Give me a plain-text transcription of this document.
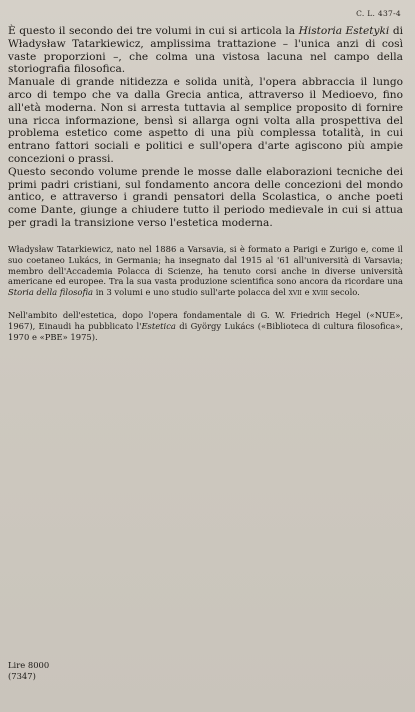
C. L. 437-4

È questo il secondo dei tre volumi in cui si articola la Historia Estetyki di Władysław Tatarkiewicz, amplissima trattazione – l'unica anzi di così vaste proporzioni –, che colma una vistosa lacuna nel campo della storiografia filosofica.

Manuale di grande nitidezza e solida unità, l'opera abbraccia il lungo arco di tempo che va dalla Grecia antica, attraverso il Medioevo, fino all'età moderna. Non si arresta tuttavia al semplice proposito di fornire una ricca informazione, bensì si allarga ogni volta alla prospettiva del problema estetico come aspetto di una più complessa totalità, in cui entrano fattori sociali e politici e sull'opera d'arte agiscono più ampie concezioni o prassi.

Questo secondo volume prende le mosse dalle elaborazioni tecniche dei primi padri cristiani, sul fondamento ancora delle concezioni del mondo antico, e attraverso i grandi pensatori della Scolastica, o anche poeti come Dante, giunge a chiudere tutto il periodo medievale in cui si attua per gradi la transizione verso l'estetica moderna.

Władysław Tatarkiewicz, nato nel 1886 a Varsavia, si è formato a Parigi e Zurigo e, come il suo coetaneo Lukács, in Germania; ha insegnato dal 1915 al '61 all'università di Varsavia; membro dell'Accademia Polacca di Scienze, ha tenuto corsi anche in diverse università americane ed europee. Tra la sua vasta produzione scientifica sono ancora da ricordare una Storia della filosofia in 3 volumi e uno studio sull'arte polacca del xvii e xviii secolo.

Nell'ambito dell'estetica, dopo l'opera fondamentale di G. W. Friedrich Hegel («NUE», 1967), Einaudi ha pubblicato l'Estetica di György Lukács («Biblioteca di cultura filosofica», 1970 e «PBE» 1975).

Lire 8000
(7347)
